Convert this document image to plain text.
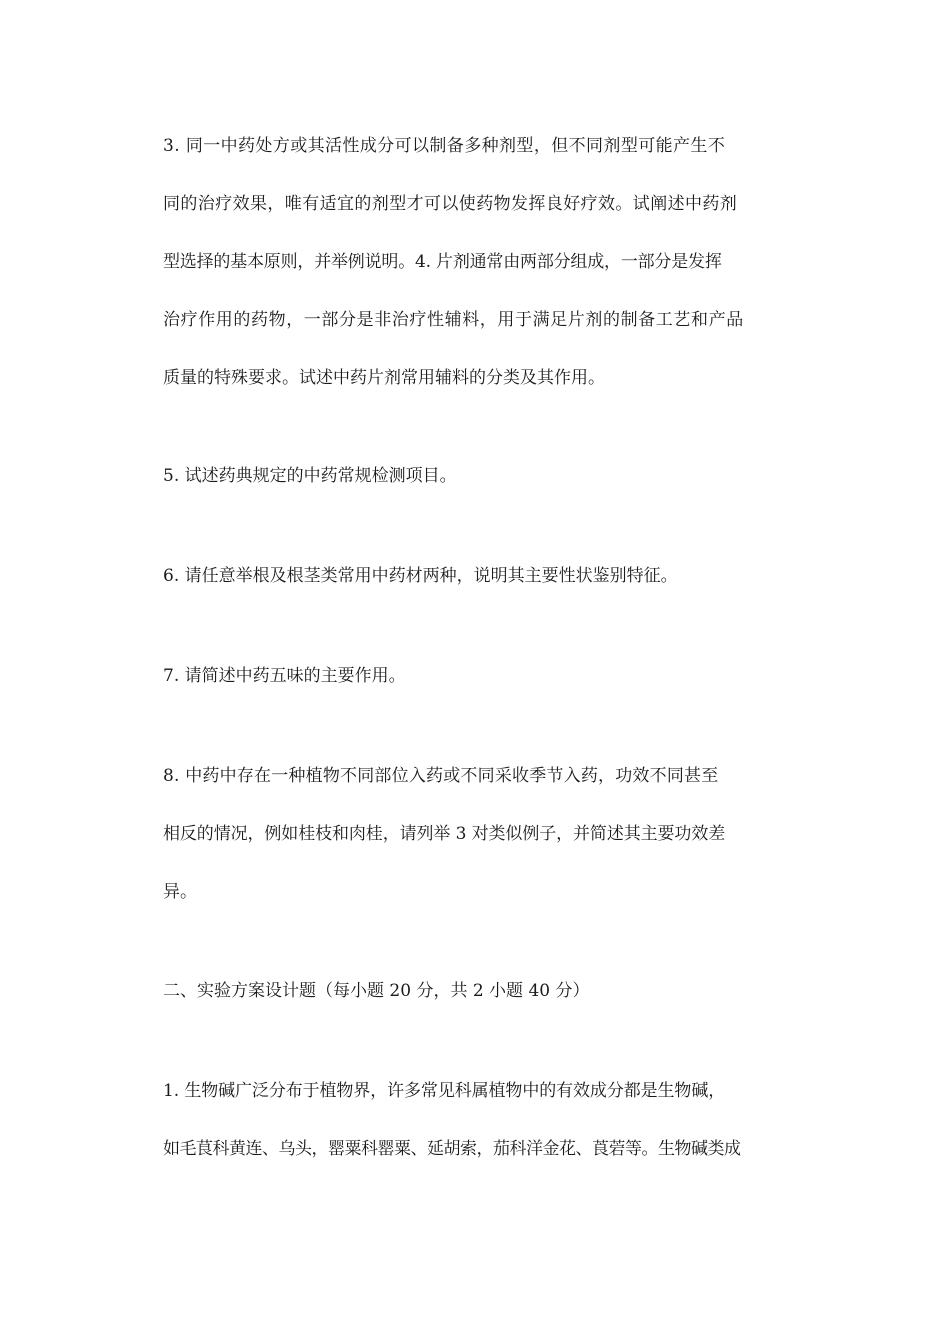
3. 同一中药处方或其活性成分可以制备多种剂型，但不同剂型可能产生不
同的治疗效果，唯有适宜的剂型才可以使药物发挥良好疗效。试阐述中药剂
型选择的基本原则，并举例说明。4. 片剂通常由两部分组成，一部分是发挥
治疗作用的药物，一部分是非治疗性辅料，用于满足片剂的制备工艺和产品
质量的特殊要求。试述中药片剂常用辅料的分类及其作用。
5. 试述药典规定的中药常规检测项目。
6. 请任意举根及根茎类常用中药材两种，说明其主要性状鉴别特征。
7. 请简述中药五味的主要作用。
8. 中药中存在一种植物不同部位入药或不同采收季节入药，功效不同甚至
相反的情况，例如桂枝和肉桂，请列举 3 对类似例子，并简述其主要功效差
异。
二、实验方案设计题（每小题 20 分，共 2 小题 40 分）
1. 生物碱广泛分布于植物界，许多常见科属植物中的有效成分都是生物碱，
如毛茛科黄连、乌头，罂粟科罂粟、延胡索，茄科洋金花、莨菪等。生物碱类成
